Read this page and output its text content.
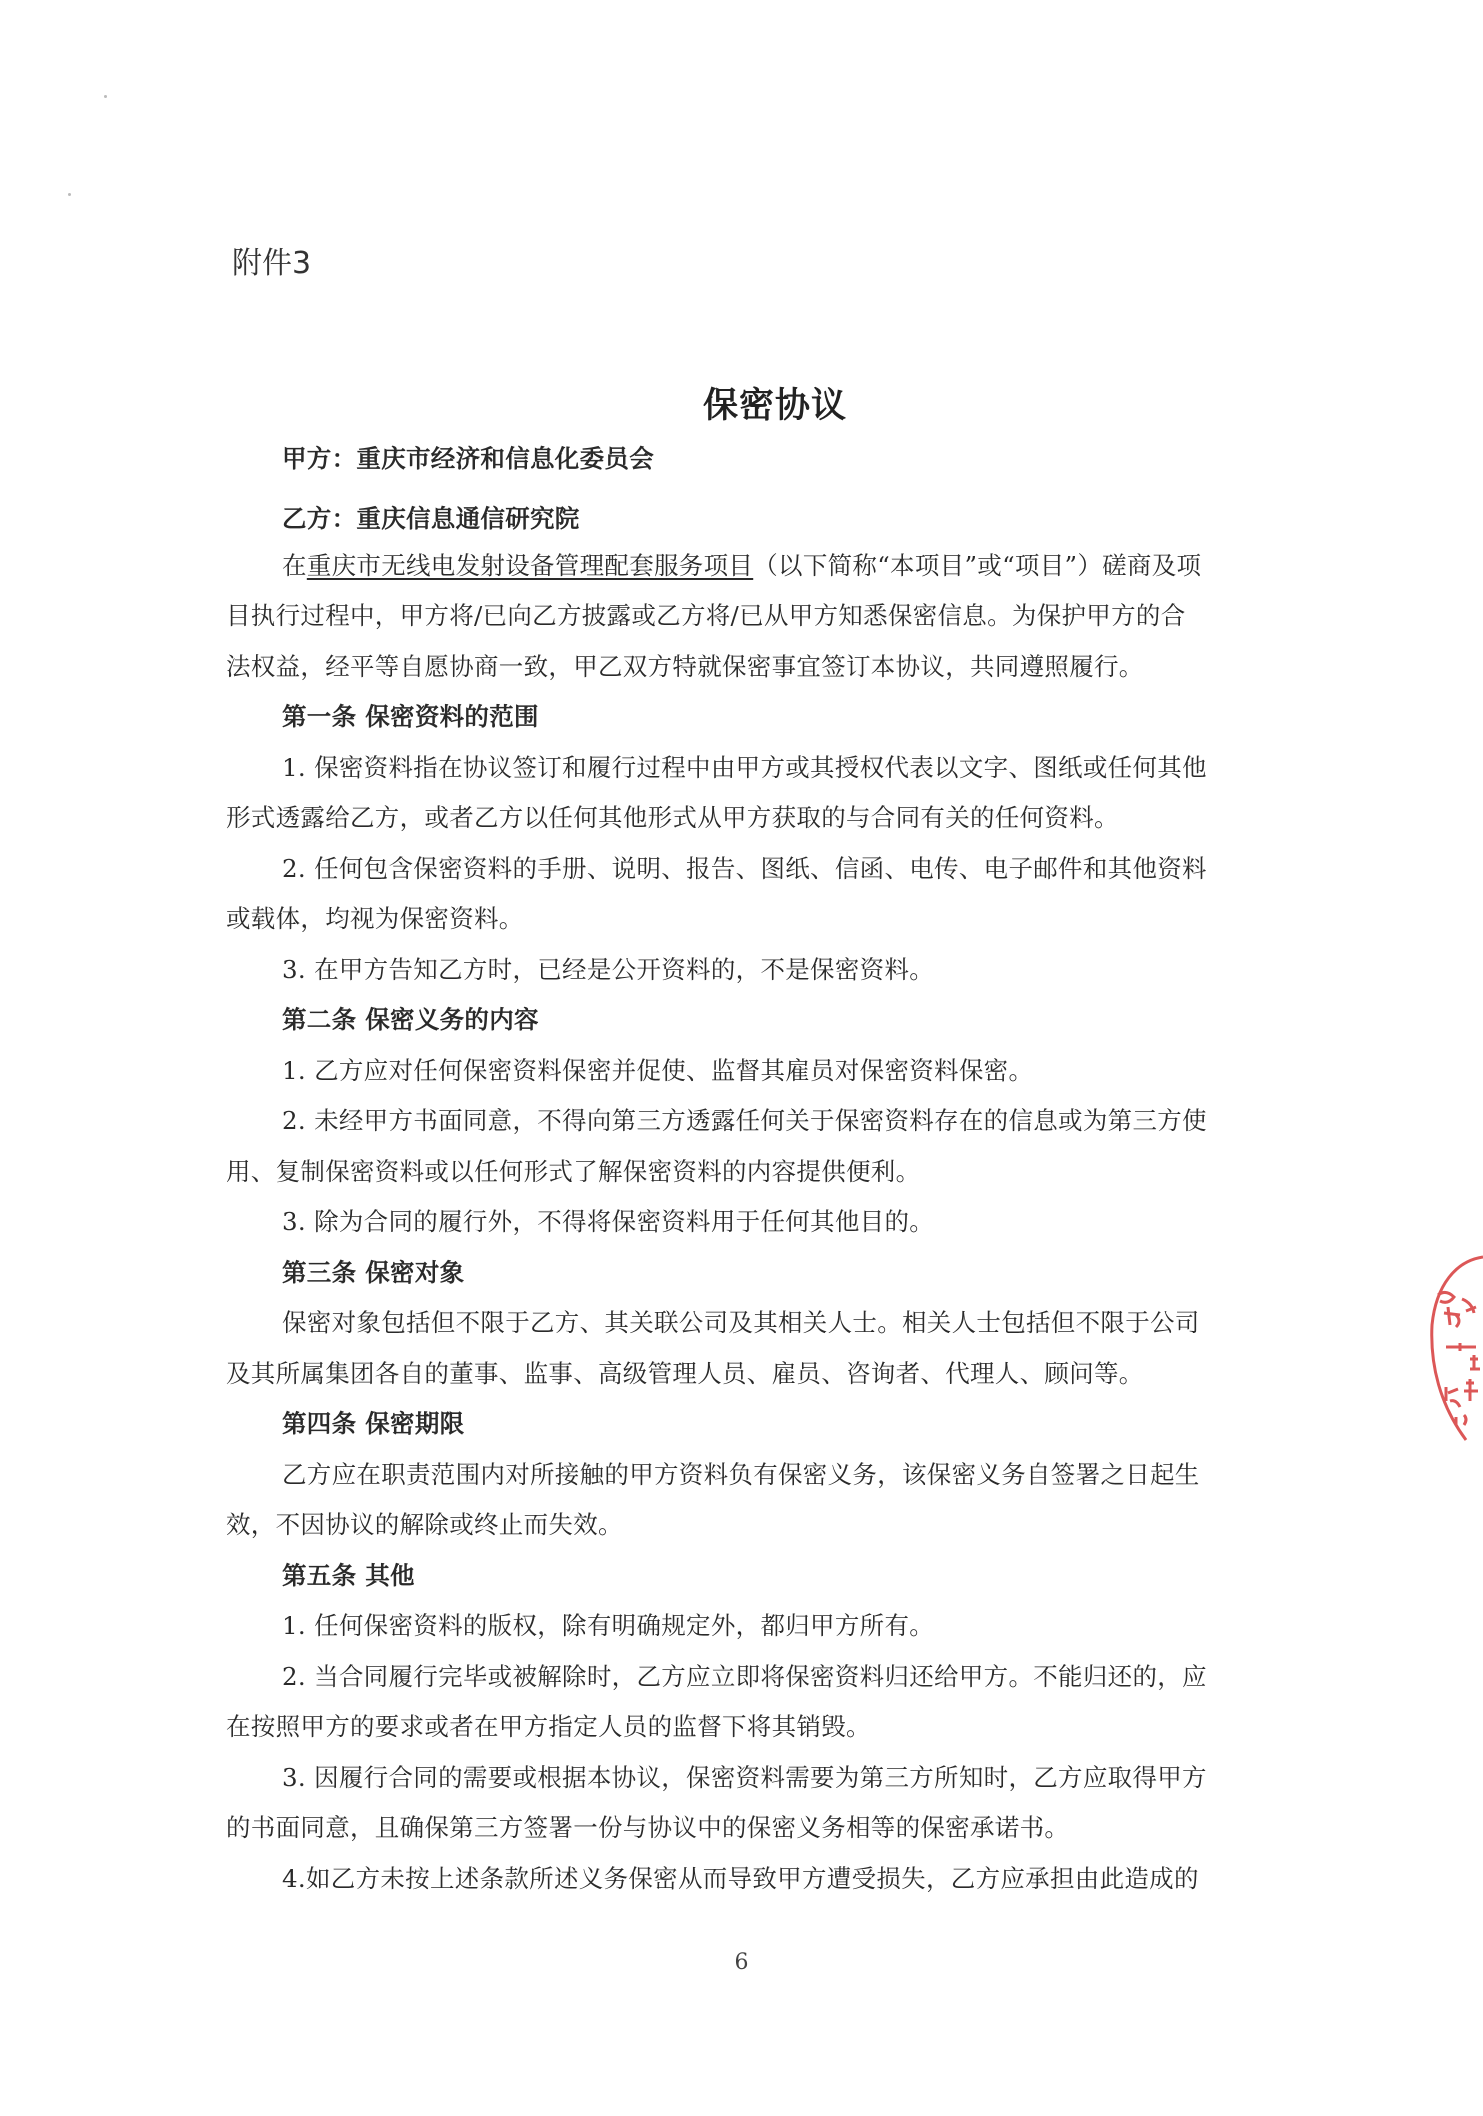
附件3
保密协议
甲方：重庆市经济和信息化委员会
乙方：重庆信息通信研究院
在重庆市无线电发射设备管理配套服务项目（以下简称“本项目”或“项目”）磋商及项
目执行过程中，甲方将/已向乙方披露或乙方将/已从甲方知悉保密信息。为保护甲方的合
法权益，经平等自愿协商一致，甲乙双方特就保密事宜签订本协议，共同遵照履行。
第一条 保密资料的范围
1. 保密资料指在协议签订和履行过程中由甲方或其授权代表以文字、图纸或任何其他
形式透露给乙方，或者乙方以任何其他形式从甲方获取的与合同有关的任何资料。
2. 任何包含保密资料的手册、说明、报告、图纸、信函、电传、电子邮件和其他资料
或载体，均视为保密资料。
3. 在甲方告知乙方时，已经是公开资料的，不是保密资料。
第二条 保密义务的内容
1. 乙方应对任何保密资料保密并促使、监督其雇员对保密资料保密。
2. 未经甲方书面同意，不得向第三方透露任何关于保密资料存在的信息或为第三方使
用、复制保密资料或以任何形式了解保密资料的内容提供便利。
3. 除为合同的履行外，不得将保密资料用于任何其他目的。
第三条 保密对象
保密对象包括但不限于乙方、其关联公司及其相关人士。相关人士包括但不限于公司
及其所属集团各自的董事、监事、高级管理人员、雇员、咨询者、代理人、顾问等。
第四条 保密期限
乙方应在职责范围内对所接触的甲方资料负有保密义务，该保密义务自签署之日起生
效，不因协议的解除或终止而失效。
第五条 其他
1. 任何保密资料的版权，除有明确规定外，都归甲方所有。
2. 当合同履行完毕或被解除时，乙方应立即将保密资料归还给甲方。不能归还的，应
在按照甲方的要求或者在甲方指定人员的监督下将其销毁。
3. 因履行合同的需要或根据本协议，保密资料需要为第三方所知时，乙方应取得甲方
的书面同意，且确保第三方签署一份与协议中的保密义务相等的保密承诺书。
4.如乙方未按上述条款所述义务保密从而导致甲方遭受损失，乙方应承担由此造成的
6
